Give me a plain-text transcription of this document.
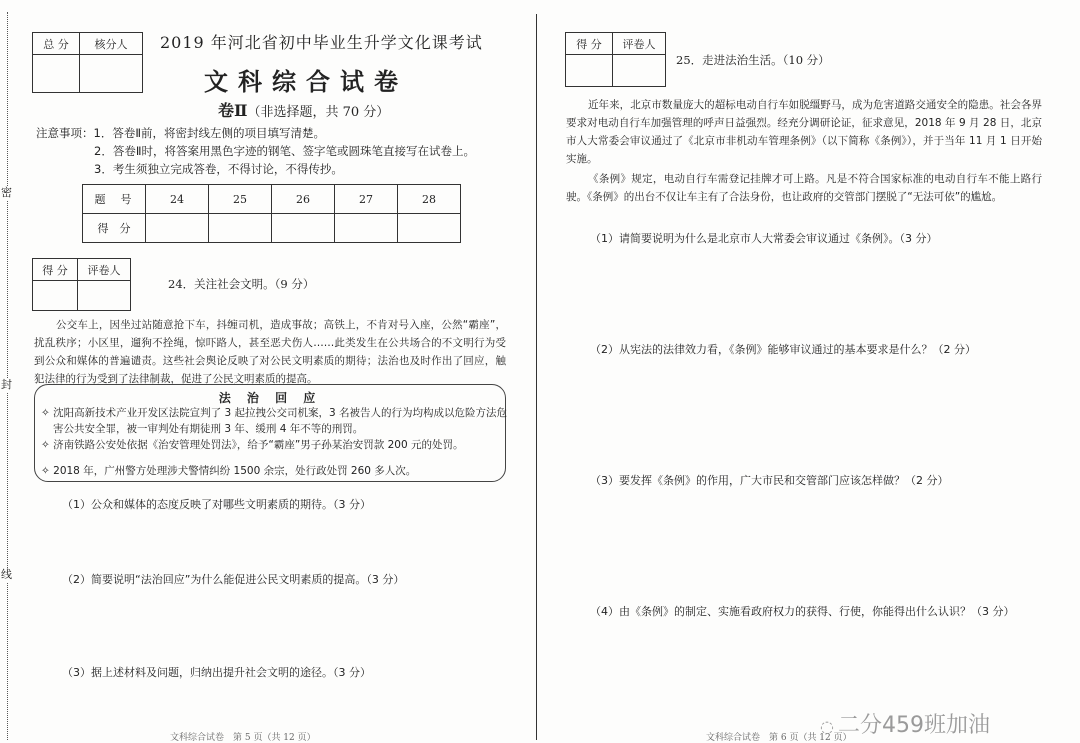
密
封
线
总 分	核分人
	2019 年河北省初中毕业生升学文化课考试
文科综合试卷
卷Ⅱ（非选择题，共 70 分）
注意事项：1．答卷Ⅱ前，将密封线左侧的项目填写清楚。
2．答卷Ⅱ时，将答案用黑色字迹的钢笔、签字笔或圆珠笔直接写在试卷上。
3．考生须独立完成答卷，不得讨论，不得传抄。
题　号	24	25	26	27	28
得　分					
得 分	评卷人

24．关注社会文明。（9 分）
公交车上，因坐过站随意抢下车，抖缠司机，造成事故；高铁上，不肯对号入座，公然“霸座”，扰乱秩序；小区里，遛狗不拴绳，惊吓路人，甚至恶犬伤人……此类发生在公共场合的不文明行为受到公众和媒体的普遍谴责。这些社会舆论反映了对公民文明素质的期待；法治也及时作出了回应，触犯法律的行为受到了法律制裁，促进了公民文明素质的提高。
法 治 回 应
✧ 沈阳高新技术产业开发区法院宣判了 3 起拉拽公交司机案，3 名被告人的行为均构成以危险方法危害公共安全罪，被一审判处有期徒刑 3 年、缓刑 4 年不等的刑罚。
✧ 济南铁路公安处依据《治安管理处罚法》，给予“霸座”男子孙某治安罚款 200 元的处罚。
✧ 2018 年，广州警方处理涉犬警情纠纷 1500 余宗，处行政处罚 260 多人次。
（1）公众和媒体的态度反映了对哪些文明素质的期待。（3 分）
（2）简要说明“法治回应”为什么能促进公民文明素质的提高。（3 分）
（3）据上述材料及问题，归纳出提升社会文明的途径。（3 分）
文科综合试卷　第 5 页（共 12 页）
得 分	评卷人

25．走进法治生活。（10 分）
近年来，北京市数量庞大的超标电动自行车如脱缰野马，成为危害道路交通安全的隐患。社会各界要求对电动自行车加强管理的呼声日益强烈。经充分调研论证，征求意见，2018 年 9 月 28 日，北京市人大常委会审议通过了《北京市非机动车管理条例》（以下简称《条例》），并于当年 11 月 1 日开始实施。
《条例》规定，电动自行车需登记挂牌才可上路。凡是不符合国家标准的电动自行车不能上路行驶。《条例》的出台不仅让车主有了合法身份，也让政府的交管部门摆脱了“无法可依”的尴尬。
（1）请简要说明为什么是北京市人大常委会审议通过《条例》。（3 分）
（2）从宪法的法律效力看，《条例》能够审议通过的基本要求是什么？（2 分）
（3）要发挥《条例》的作用，广大市民和交管部门应该怎样做？（2 分）
（4）由《条例》的制定、实施看政府权力的获得、行使，你能得出什么认识？（3 分）
文科综合试卷　第 6 页（共 12 页）
◌ 二分459班加油
